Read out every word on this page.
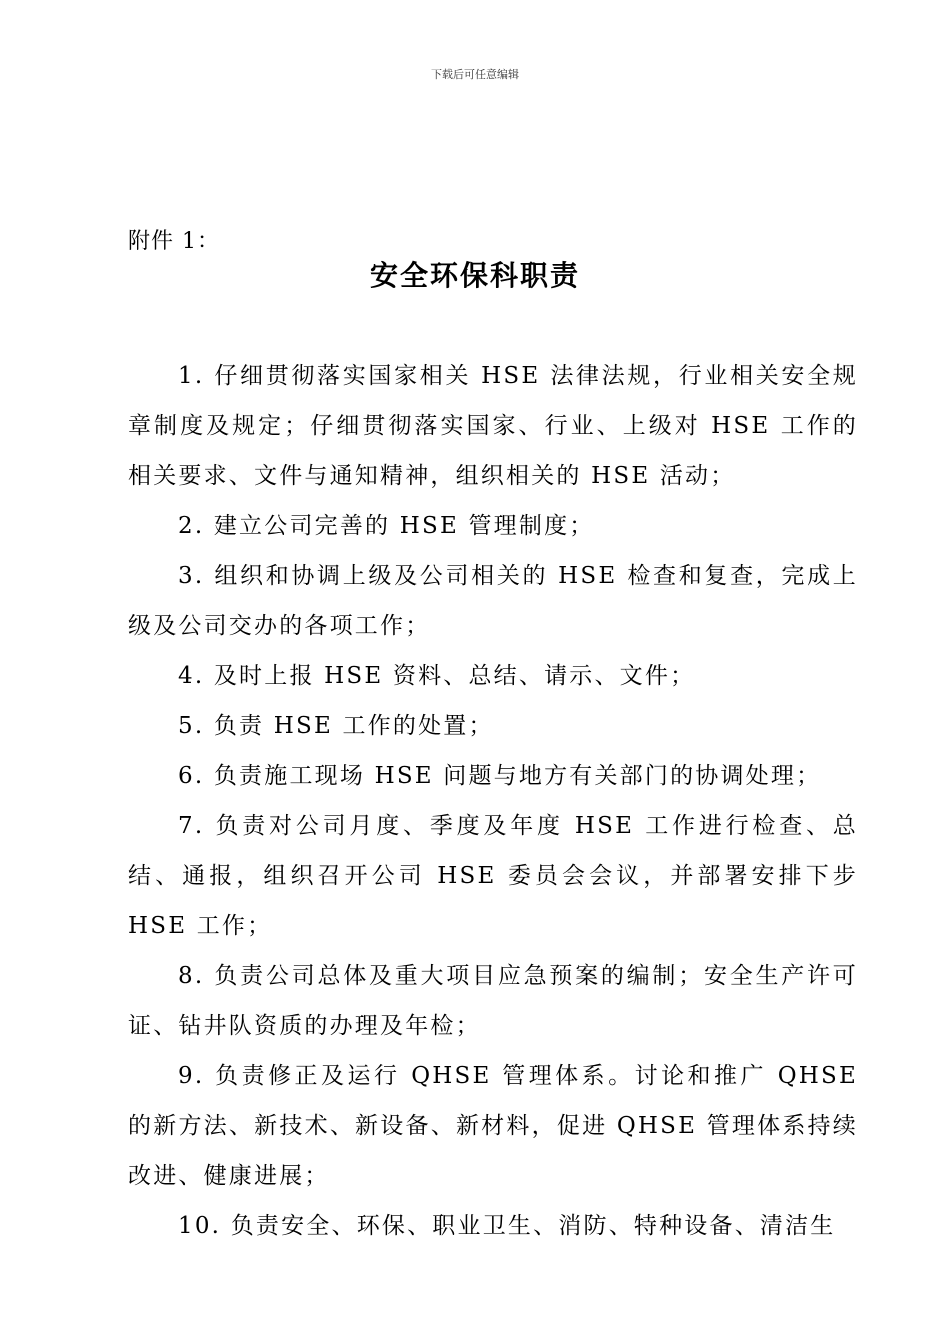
下载后可任意编辑
附件 1：
安全环保科职责

1. 仔细贯彻落实国家相关 HSE 法律法规，行业相关安全规章制度及规定；仔细贯彻落实国家、行业、上级对 HSE 工作的相关要求、文件与通知精神，组织相关的 HSE 活动；

2. 建立公司完善的 HSE 管理制度；

3. 组织和协调上级及公司相关的 HSE 检查和复查，完成上级及公司交办的各项工作；

4. 及时上报 HSE 资料、总结、请示、文件；

5. 负责 HSE 工作的处置；

6. 负责施工现场 HSE 问题与地方有关部门的协调处理；

7. 负责对公司月度、季度及年度 HSE 工作进行检查、总结、通报，组织召开公司 HSE 委员会会议，并部署安排下步 HSE 工作；

8. 负责公司总体及重大项目应急预案的编制；安全生产许可证、钻井队资质的办理及年检；

9. 负责修正及运行 QHSE 管理体系。讨论和推广 QHSE 的新方法、新技术、新设备、新材料，促进 QHSE 管理体系持续改进、健康进展；

10. 负责安全、环保、职业卫生、消防、特种设备、清洁生
